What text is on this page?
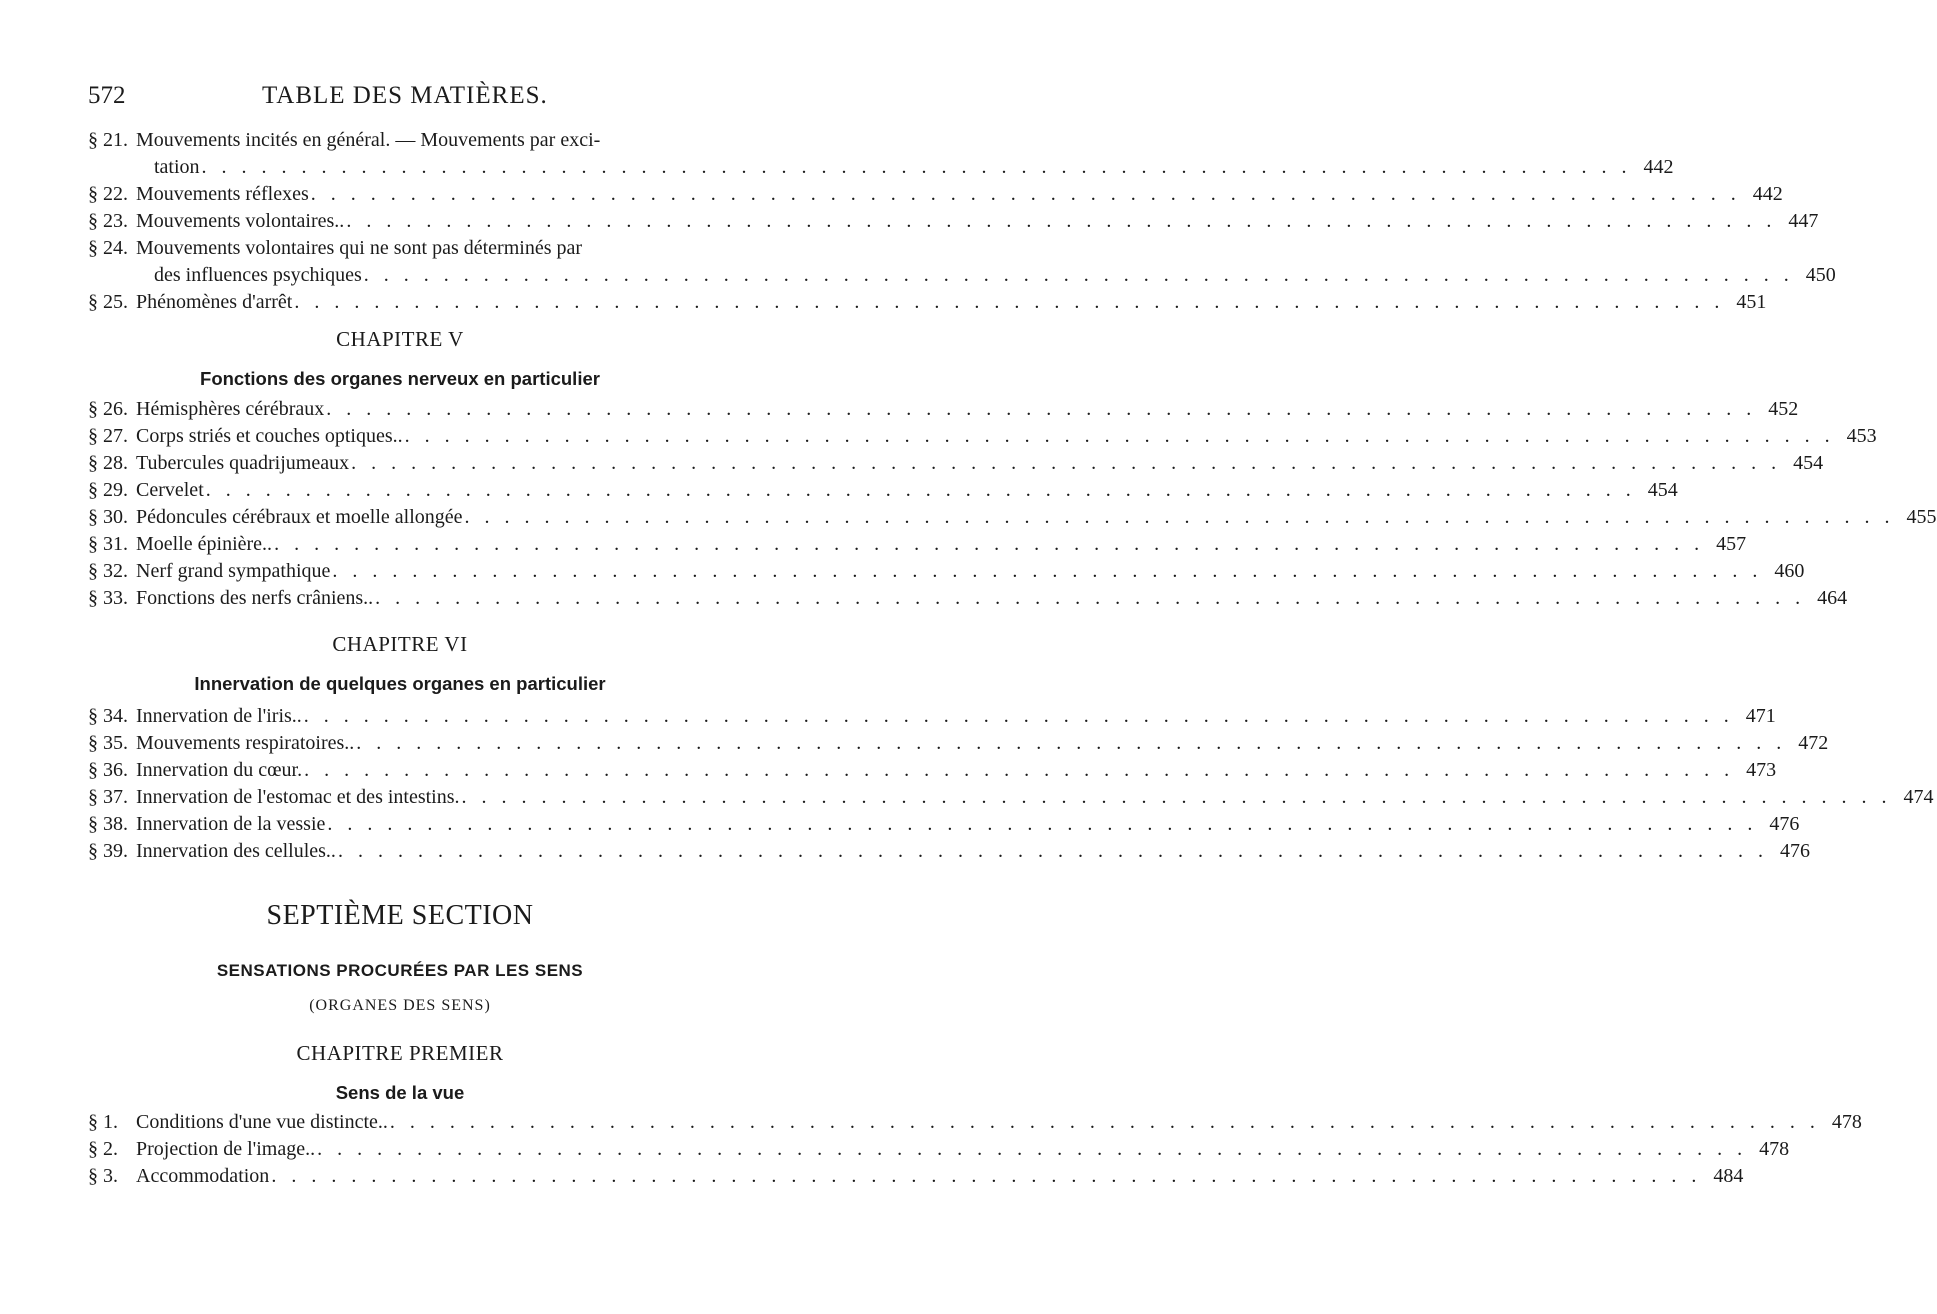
572	TABLE DES MATIÈRES.
§ 21. Mouvements incités en général. — Mouvements par exci-
tation . . .	442
§ 22. Mouvements réflexes . . .	442
§ 23. Mouvements volontaires.. . . .	447
§ 24. Mouvements volontaires qui ne sont pas déterminés par
des influences psychiques . . .	450
§ 25. Phénomènes d'arrêt . . .	451
CHAPITRE V
Fonctions des organes nerveux en particulier
§ 26. Hémisphères cérébraux . . .	452
§ 27. Corps striés et couches optiques.. . . .	453
§ 28. Tubercules quadrijumeaux . . .	454
§ 29. Cervelet . . .	454
§ 30. Pédoncules cérébraux et moelle allongée . . .	455
§ 31. Moelle épinière.. . . .	457
§ 32. Nerf grand sympathique . . .	460
§ 33. Fonctions des nerfs crâniens.. . . .	464
CHAPITRE VI
Innervation de quelques organes en particulier
§ 34. Innervation de l'iris.. . . .	471
§ 35. Mouvements respiratoires.. . . .	472
§ 36. Innervation du cœur. . . .	473
§ 37. Innervation de l'estomac et des intestins. . . .	474
§ 38. Innervation de la vessie . . .	476
§ 39. Innervation des cellules.. . . .	476
SEPTIÈME SECTION
SENSATIONS PROCURÉES PAR LES SENS
(ORGANES DES SENS)
CHAPITRE PREMIER
Sens de la vue
§ 1. Conditions d'une vue distincte.. . . .	478
§ 2. Projection de l'image.. . . .	478
§ 3. Accommodation . . .	484
